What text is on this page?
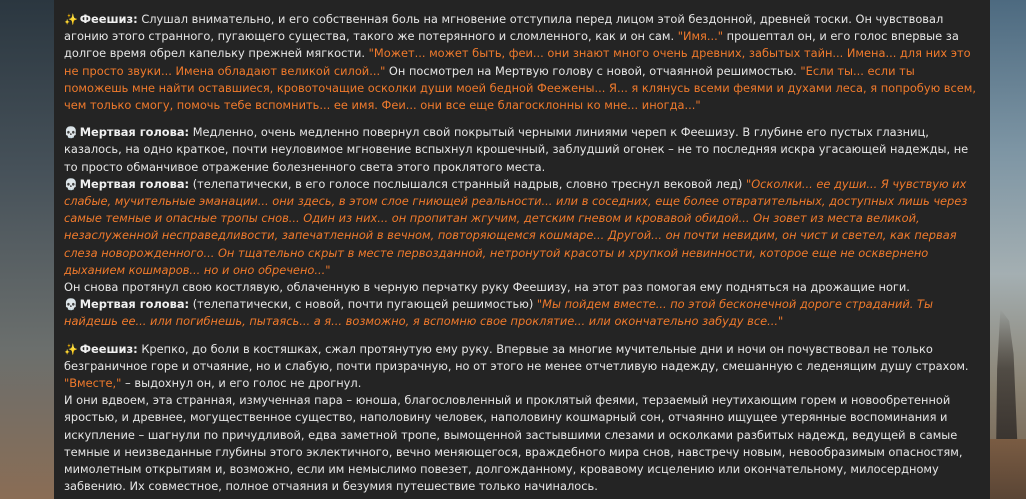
✨ Феешиз: Слушал внимательно, и его собственная боль на мгновение отступила перед лицом этой бездонной, древней тоски. Он чувствовал агонию этого странного, пугающего существа, такого же потерянного и сломленного, как и он сам. "Имя..." прошептал он, и его голос впервые за долгое время обрел капельку прежней мягкости. "Может... может быть, феи... они знают много очень древних, забытых тайн... Имена... для них это не просто звуки... Имена обладают великой силой..." Он посмотрел на Мертвую голову с новой, отчаянной решимостью. "Если ты... если ты поможешь мне найти оставшиеся, кровоточащие осколки души моей бедной Феежены... Я... я клянусь всеми феями и духами леса, я попробую всем, чем только смогу, помочь тебе вспомнить... ее имя. Феи... они все еще благосклонны ко мне... иногда..."

💀 Мертвая голова: Медленно, очень медленно повернул свой покрытый черными линиями череп к Феешизу. В глубине его пустых глазниц, казалось, на одно краткое, почти неуловимое мгновение вспыхнул крошечный, заблудший огонек – не то последняя искра угасающей надежды, не то просто обманчивое отражение болезненного света этого проклятого места.

💀 Мертвая голова: (телепатически, в его голосе послышался странный надрыв, словно треснул вековой лед) "Осколки... ее души... Я чувствую их слабые, мучительные эманации... они здесь, в этом слое гниющей реальности... или в соседних, еще более отвратительных, доступных лишь через самые темные и опасные тропы снов... Один из них... он пропитан жгучим, детским гневом и кровавой обидой... Он зовет из места великой, незаслуженной несправедливости, запечатленной в вечном, повторяющемся кошмаре... Другой... он почти невидим, он чист и светел, как первая слеза новорожденного... Он тщательно скрыт в месте первозданной, нетронутой красоты и хрупкой невинности, которое еще не осквернено дыханием кошмаров... но и оно обречено..."

Он снова протянул свою костлявую, облаченную в черную перчатку руку Феешизу, на этот раз помогая ему подняться на дрожащие ноги.

💀 Мертвая голова: (телепатически, с новой, почти пугающей решимостью) "Мы пойдем вместе... по этой бесконечной дороге страданий. Ты найдешь ее... или погибнешь, пытаясь... а я... возможно, я вспомню свое проклятие... или окончательно забуду все..."

✨ Феешиз: Крепко, до боли в костяшках, сжал протянутую ему руку. Впервые за многие мучительные дни и ночи он почувствовал не только безграничное горе и отчаяние, но и слабую, почти призрачную, но от этого не менее отчетливую надежду, смешанную с леденящим душу страхом. "Вместе," – выдохнул он, и его голос не дрогнул.

И они вдвоем, эта странная, измученная пара – юноша, благословленный и проклятый феями, терзаемый неутихающим горем и новообретенной яростью, и древнее, могущественное существо, наполовину человек, наполовину кошмарный сон, отчаянно ищущее утерянные воспоминания и искупление – шагнули по причудливой, едва заметной тропе, вымощенной застывшими слезами и осколками разбитых надежд, ведущей в самые темные и неизведанные глубины этого эклектичного, вечно меняющегося, враждебного мира снов, навстречу новым, невообразимым опасностям, мимолетным открытиям и, возможно, если им немыслимо повезет, долгожданному, кровавому исцелению или окончательному, милосердному забвению. Их совместное, полное отчаяния и безумия путешествие только начиналось.
